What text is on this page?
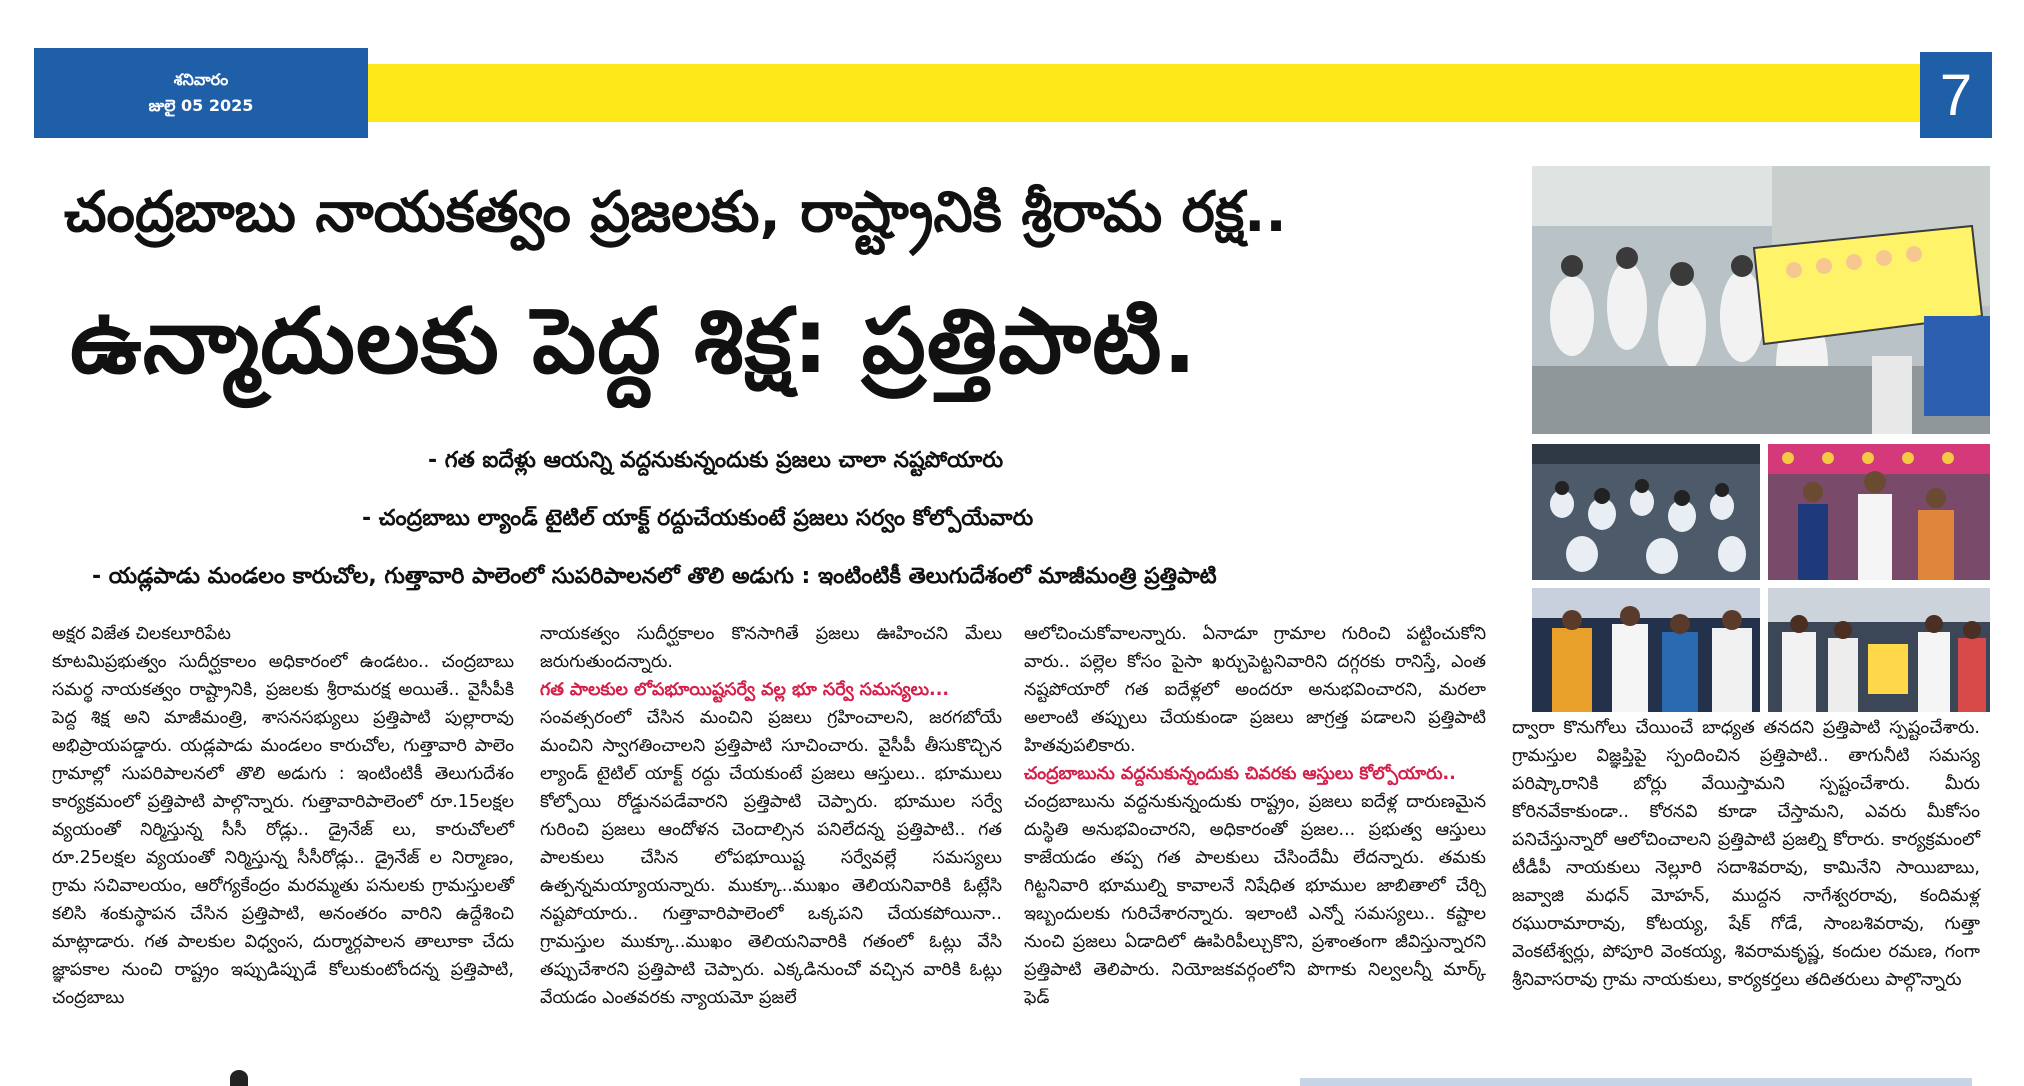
శనివారం
జులై 05 2025	7
చంద్రబాబు నాయకత్వం ప్రజలకు, రాష్ట్రానికి శ్రీరామ రక్ష..
ఉన్మాదులకు పెద్ద శిక్ష: ప్రత్తిపాటి.
- గత ఐదేళ్లు ఆయన్ని వద్దనుకున్నందుకు ప్రజలు చాలా నష్టపోయారు
- చంద్రబాబు ల్యాండ్ టైటిల్ యాక్ట్ రద్దుచేయకుంటే ప్రజలు సర్వం కోల్పోయేవారు
- యడ్లపాడు మండలం కారుచోల, గుత్తావారి పాలెంలో సుపరిపాలనలో తొలి అడుగు : ఇంటింటికీ తెలుగుదేశంలో మాజీమంత్రి ప్రత్తిపాటి

అక్షర విజేత చిలకలూరిపేట
కూటమిప్రభుత్వం సుదీర్ఘకాలం అధికారంలో ఉండటం.. చంద్రబాబు సమర్థ నాయకత్వం రాష్ట్రానికి, ప్రజలకు శ్రీరామరక్ష అయితే.. వైసీపీకి పెద్ద శిక్ష అని మాజీమంత్రి, శాసనసభ్యులు ప్రత్తిపాటి పుల్లారావు అభిప్రాయపడ్డారు. యడ్లపాడు మండలం కారుచోల, గుత్తావారి పాలెం గ్రామాల్లో సుపరిపాలనలో తొలి అడుగు : ఇంటింటికీ తెలుగుదేశం కార్యక్రమంలో ప్రత్తిపాటి పాల్గొన్నారు. గుత్తావారిపాలెంలో రూ.15లక్షల వ్యయంతో నిర్మిస్తున్న సీసీ రోడ్లు.. డ్రైనేజ్ లు, కారుచోలలో రూ.25లక్షల వ్యయంతో నిర్మిస్తున్న సీసీరోడ్లు.. డ్రైనేజ్ ల నిర్మాణం, గ్రామ సచివాలయం, ఆరోగ్యకేంద్రం మరమ్మతు పనులకు గ్రామస్తులతో కలిసి శంకుస్థాపన చేసిన ప్రత్తిపాటి, అనంతరం వారిని ఉద్దేశించి మాట్లాడారు. గత పాలకుల విధ్వంస, దుర్మార్గపాలన తాలూకా చేదు జ్ఞాపకాల నుంచి రాష్ట్రం ఇప్పుడిప్పుడే కోలుకుంటోందన్న ప్రత్తిపాటి, చంద్రబాబు

నాయకత్వం సుదీర్ఘకాలం కొనసాగితే ప్రజలు ఊహించని మేలు జరుగుతుందన్నారు.

గత పాలకుల లోపభూయిష్టసర్వే వల్ల భూ సర్వే సమస్యలు...

సంవత్సరంలో చేసిన మంచిని ప్రజలు గ్రహించాలని, జరగబోయే మంచిని స్వాగతించాలని ప్రత్తిపాటి సూచించారు. వైసీపీ తీసుకొచ్చిన ల్యాండ్ టైటిల్ యాక్ట్ రద్దు చేయకుంటే ప్రజలు ఆస్తులు.. భూములు కోల్పోయి రోడ్డునపడేవారని ప్రత్తిపాటి చెప్పారు. భూముల సర్వే గురించి ప్రజలు ఆందోళన చెందాల్సిన పనిలేదన్న ప్రత్తిపాటి.. గత పాలకులు చేసిన లోపభూయిష్ట సర్వేవల్లే సమస్యలు ఉత్పన్నమయ్యాయన్నారు. ముక్కూ..ముఖం తెలియనివారికి ఓట్లేసి నష్టపోయారు.. గుత్తావారిపాలెంలో ఒక్కపని చేయకపోయినా.. గ్రామస్తుల ముక్కూ..ముఖం తెలియనివారికి గతంలో ఓట్లు వేసి తప్పుచేశారని ప్రత్తిపాటి చెప్పారు. ఎక్కడినుంచో వచ్చిన వారికి ఓట్లు వేయడం ఎంతవరకు న్యాయమో ప్రజలే

ఆలోచించుకోవాలన్నారు. ఏనాడూ గ్రామాల గురించి పట్టించుకోని వారు.. పల్లెల కోసం పైసా ఖర్చుపెట్టనివారిని దగ్గరకు రానిస్తే, ఎంత నష్టపోయారో గత ఐదేళ్లలో అందరూ అనుభవించారని, మరలా అలాంటి తప్పులు చేయకుండా ప్రజలు జాగ్రత్త పడాలని ప్రత్తిపాటి హితవుపలికారు.

చంద్రబాబును వద్దనుకున్నందుకు చివరకు ఆస్తులు కోల్పోయారు..

చంద్రబాబును వద్దనుకున్నందుకు రాష్ట్రం, ప్రజలు ఐదేళ్ల దారుణమైన దుస్థితి అనుభవించారని, అధికారంతో ప్రజల... ప్రభుత్వ ఆస్తులు కాజేయడం తప్ప గత పాలకులు చేసిందేమీ లేదన్నారు. తమకు గిట్టనివారి భూముల్ని కావాలనే నిషేధిత భూముల జాబితాలో చేర్చి ఇబ్బందులకు గురిచేశారన్నారు. ఇలాంటి ఎన్నో సమస్యలు.. కష్టాల నుంచి ప్రజలు ఏడాదిలో ఊపిరిపీల్చుకొని, ప్రశాంతంగా జీవిస్తున్నారని ప్రత్తిపాటి తెలిపారు. నియోజకవర్గంలోని పొగాకు నిల్వలన్నీ మార్క్ ఫెడ్

ద్వారా కొనుగోలు చేయించే బాధ్యత తనదని ప్రత్తిపాటి స్పష్టంచేశారు. గ్రామస్తుల విజ్ఞప్తిపై స్పందించిన ప్రత్తిపాటి.. తాగునీటి సమస్య పరిష్కారానికి బోర్లు వేయిస్తామని స్పష్టంచేశారు. మీరు కోరినవేకాకుండా.. కోరనవి కూడా చేస్తామని, ఎవరు మీకోసం పనిచేస్తున్నారో ఆలోచించాలని ప్రత్తిపాటి ప్రజల్ని కోరారు. కార్యక్రమంలో టీడీపీ నాయకులు నెల్లూరి సదాశివరావు, కామినేని సాయిబాబు, జవ్వాజి మధన్ మోహన్, ముద్దన నాగేశ్వరరావు, కందిమళ్ల రఘురామారావు, కోటయ్య, షేక్ గోడే, సాంబశివరావు, గుత్తా వెంకటేశ్వర్లు, పోపూరి వెంకయ్య, శివరామకృష్ణ, కందుల రమణ, గంగా శ్రీనివాసరావు గ్రామ నాయకులు, కార్యకర్తలు తదితరులు పాల్గొన్నారు
